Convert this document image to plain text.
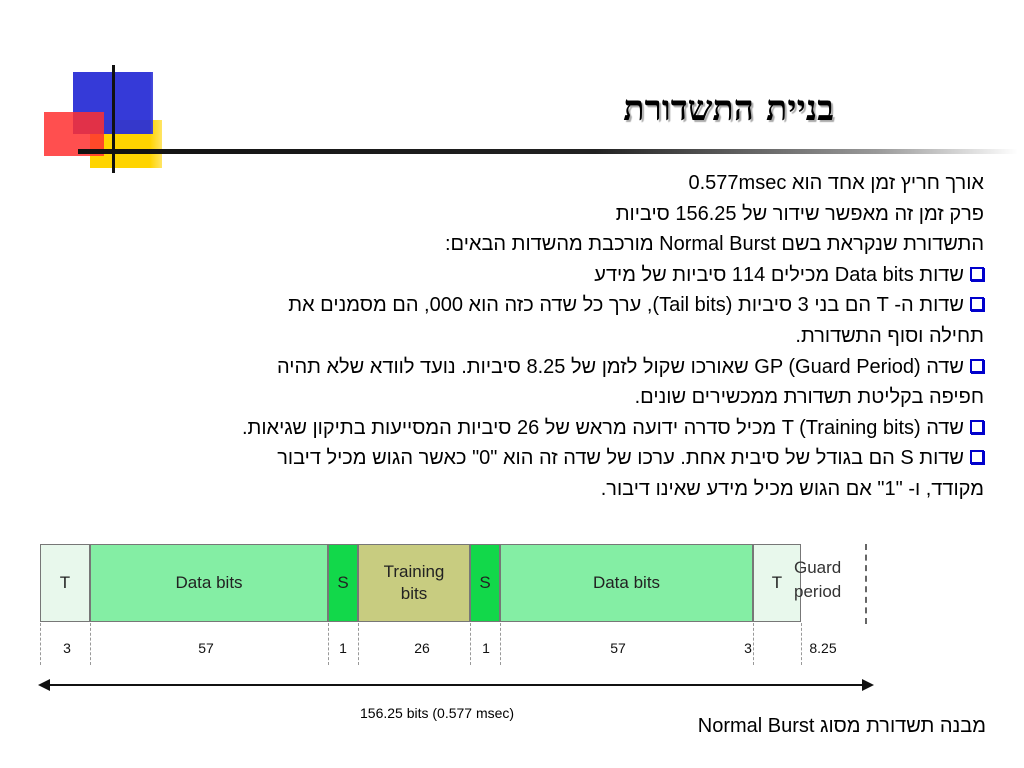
בניית התשדורת
אורך חריץ זמן אחד הוא 0.577msec
פרק זמן זה מאפשר שידור של 156.25 סיביות
התשדורת שנקראת בשם Normal Burst מורכבת מהשדות הבאים:
שדות Data bits מכילים 114 סיביות של מידע
שדות ה- T הם בני 3 סיביות (Tail bits), ערך כל שדה כזה הוא 000, הם מסמנים את
תחילה וסוף התשדורת.
שדה GP (Guard Period) שאורכו שקול לזמן של 8.25 סיביות. נועד לוודא שלא תהיה
חפיפה בקליטת תשדורת ממכשירים שונים.
שדה T (Training bits) מכיל סדרה ידועה מראש של 26 סיביות המסייעות בתיקון שגיאות.
שדות S הם בגודל של סיבית אחת. ערכו של שדה זה הוא "0" כאשר הגוש מכיל דיבור
מקודד, ו- "1" אם הגוש מכיל מידע שאינו דיבור.
T
3
Data bits
57
S
1
Training
bits
26
S
1
Data bits
57
T
3
Guard
period
8.25
156.25 bits (0.577 msec)
מבנה תשדורת מסוג Normal Burst
